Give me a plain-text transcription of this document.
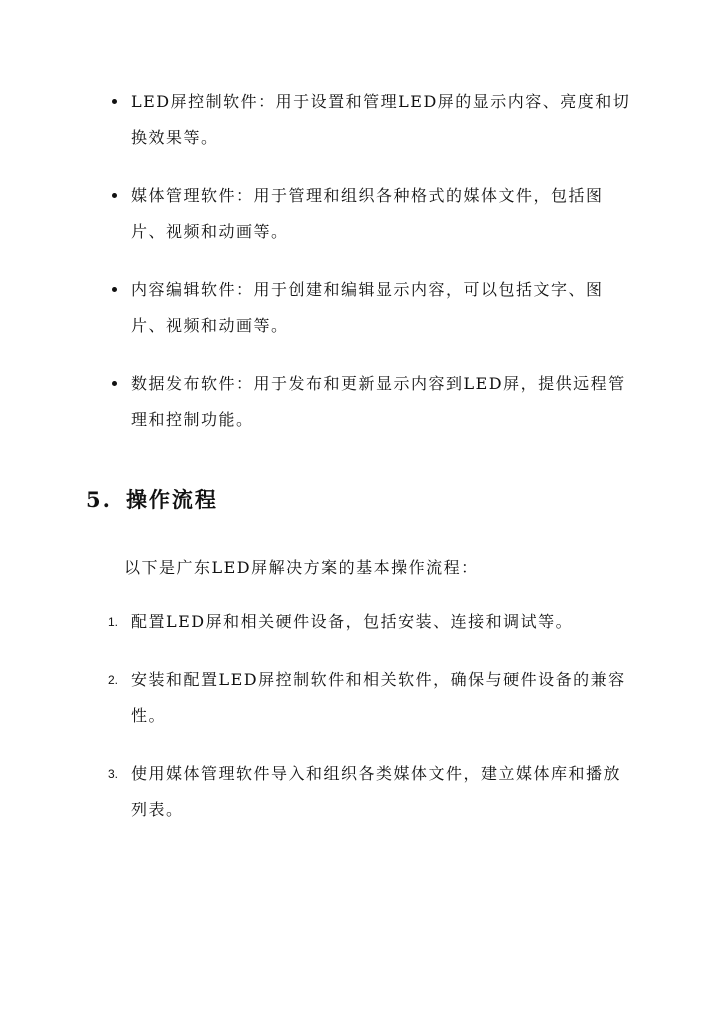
LED屏控制软件：用于设置和管理LED屏的显示内容、亮度和切换效果等。
媒体管理软件：用于管理和组织各种格式的媒体文件，包括图片、视频和动画等。
内容编辑软件：用于创建和编辑显示内容，可以包括文字、图片、视频和动画等。
数据发布软件：用于发布和更新显示内容到LED屏，提供远程管理和控制功能。
5. 操作流程

以下是广东LED屏解决方案的基本操作流程：

1. 配置LED屏和相关硬件设备，包括安装、连接和调试等。
2. 安装和配置LED屏控制软件和相关软件，确保与硬件设备的兼容性。
3. 使用媒体管理软件导入和组织各类媒体文件，建立媒体库和播放列表。
